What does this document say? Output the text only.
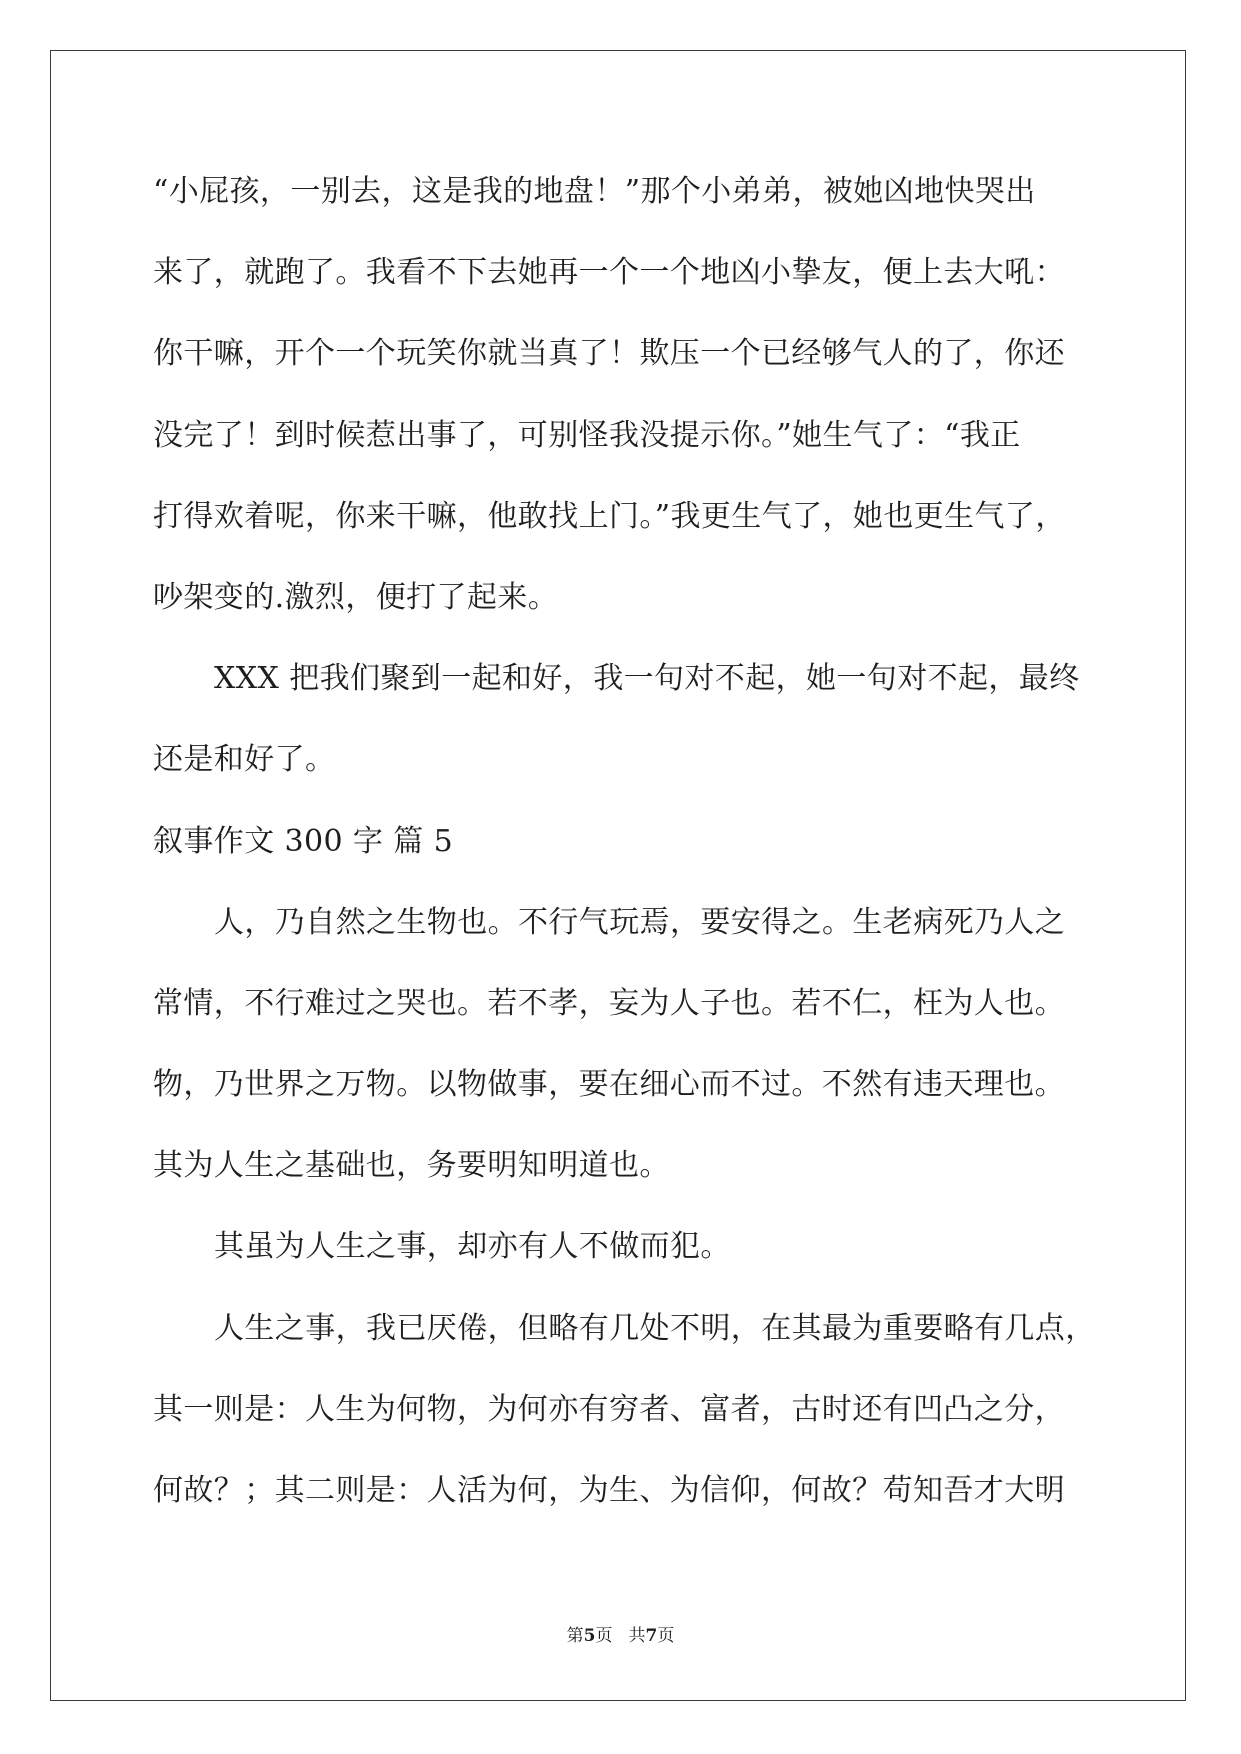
“小屁孩，一别去，这是我的地盘！”那个小弟弟，被她凶地快哭出
来了，就跑了。我看不下去她再一个一个地凶小挚友，便上去大吼：
你干嘛，开个一个玩笑你就当真了！欺压一个已经够气人的了，你还
没完了！到时候惹出事了，可别怪我没提示你。”她生气了：“我正
打得欢着呢，你来干嘛，他敢找上门。”我更生气了，她也更生气了，
吵架变的.激烈，便打了起来。
XXX 把我们聚到一起和好，我一句对不起，她一句对不起，最终
还是和好了。
叙事作文 300 字 篇 5
人，乃自然之生物也。不行气玩焉，要安得之。生老病死乃人之
常情，不行难过之哭也。若不孝，妄为人子也。若不仁，枉为人也。
物，乃世界之万物。以物做事，要在细心而不过。不然有违天理也。
其为人生之基础也，务要明知明道也。
其虽为人生之事，却亦有人不做而犯。
人生之事，我已厌倦，但略有几处不明，在其最为重要略有几点，
其一则是：人生为何物，为何亦有穷者、富者，古时还有凹凸之分，
何故？；其二则是：人活为何，为生、为信仰，何故？苟知吾才大明
第5页 共7页
